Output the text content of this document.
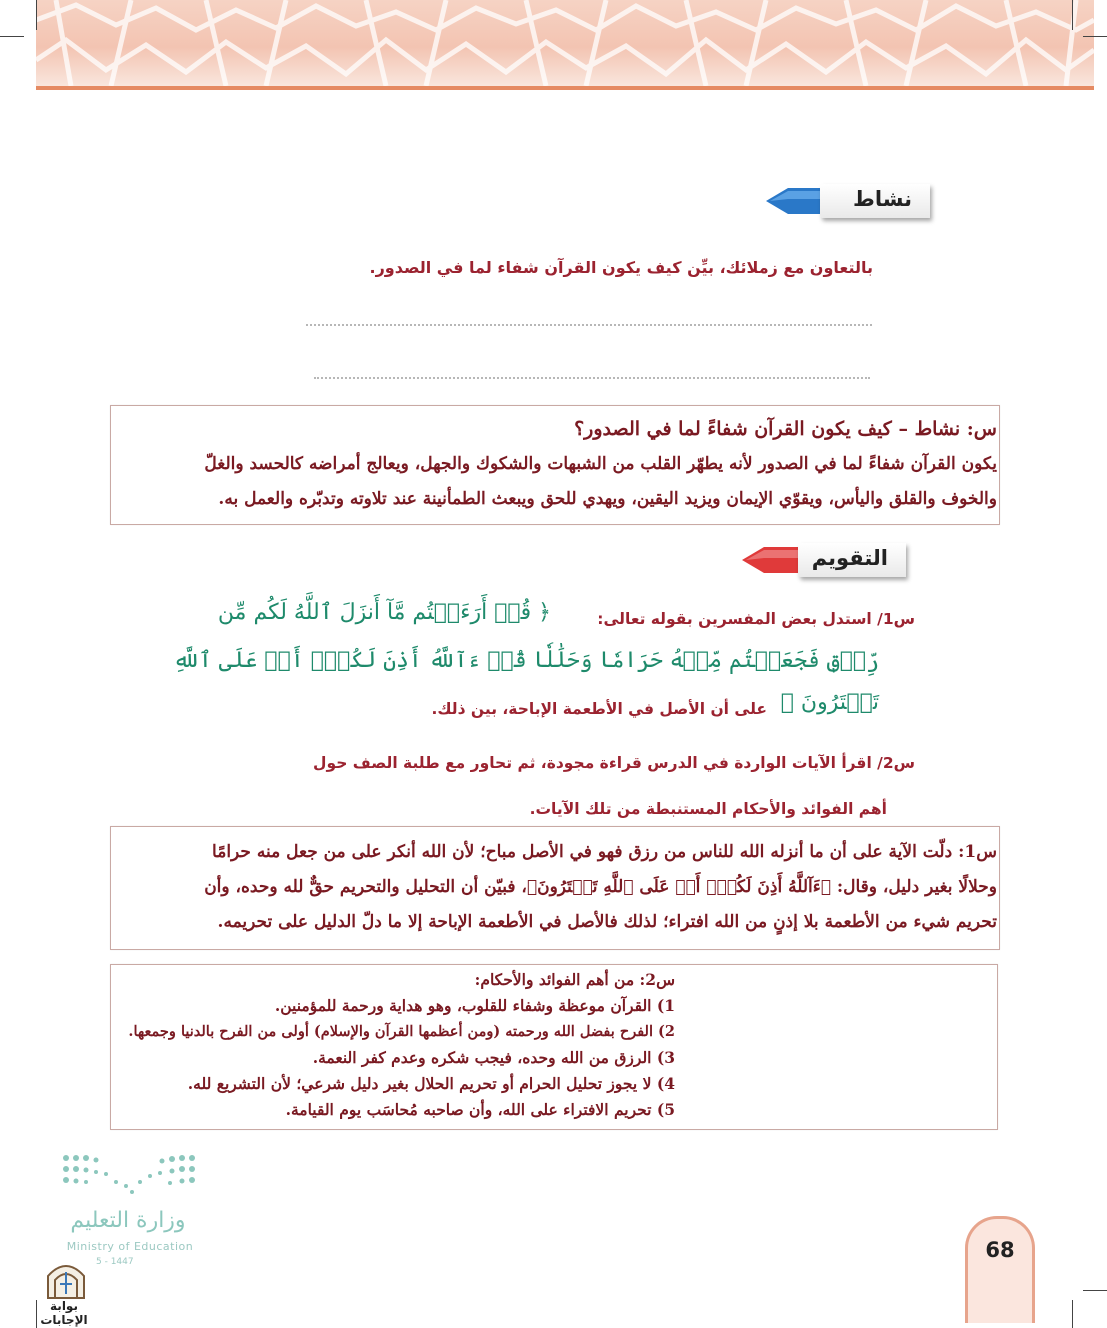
نشاط
بالتعاون مع زملائك، بيِّن كيف يكون القرآن شفاء لما في الصدور.
س: نشاط – كيف يكون القرآن شفاءً لما في الصدور؟
يكون القرآن شفاءً لما في الصدور لأنه يطهّر القلب من الشبهات والشكوك والجهل، ويعالج أمراضه كالحسد والغلّ
والخوف والقلق واليأس، ويقوّي الإيمان ويزيد اليقين، ويهدي للحق ويبعث الطمأنينة عند تلاوته وتدبّره والعمل به.
التقويم
س1/ استدل بعض المفسرين بقوله تعالى:
﴿ قُلۡ أَرَءَيۡتُم مَّآ أَنزَلَ ٱللَّهُ لَكُم مِّن
رِّزۡقٖ فَجَعَلۡتُم مِّنۡهُ حَرَامٗا وَحَلَٰلٗا قُلۡ ءَآللَّهُ أَذِنَ لَكُمۡۖ أَمۡ عَلَى ٱللَّهِ
تَفۡتَرُونَ ﴾
على أن الأصل في الأطعمة الإباحة، بين ذلك.
س2/ اقرأ الآيات الواردة في الدرس قراءة مجودة، ثم تحاور مع طلبة الصف حول
أهم الفوائد والأحكام المستنبطة من تلك الآيات.
س1: دلّت الآية على أن ما أنزله الله للناس من رزق فهو في الأصل مباح؛ لأن الله أنكر على من جعل منه حرامًا
وحلالًا بغير دليل، وقال: ﴿ءَآللَّهُ أَذِنَ لَكُمۡۖ أَمۡ عَلَى ٱللَّهِ تَفۡتَرُونَ﴾، فبيّن أن التحليل والتحريم حقٌّ لله وحده، وأن
تحريم شيء من الأطعمة بلا إذنٍ من الله افتراء؛ لذلك فالأصل في الأطعمة الإباحة إلا ما دلّ الدليل على تحريمه.
س2: من أهم الفوائد والأحكام:
1) القرآن موعظة وشفاء للقلوب، وهو هداية ورحمة للمؤمنين.
2) الفرح بفضل الله ورحمته (ومن أعظمها القرآن والإسلام) أولى من الفرح بالدنيا وجمعها.
3) الرزق من الله وحده، فيجب شكره وعدم كفر النعمة.
4) لا يجوز تحليل الحرام أو تحريم الحلال بغير دليل شرعي؛ لأن التشريع لله.
5) تحريم الافتراء على الله، وأن صاحبه مُحاسَب يوم القيامة.
وزارة التعليم
Ministry of Education
5 - 1447
بوابة الإجابات
68
